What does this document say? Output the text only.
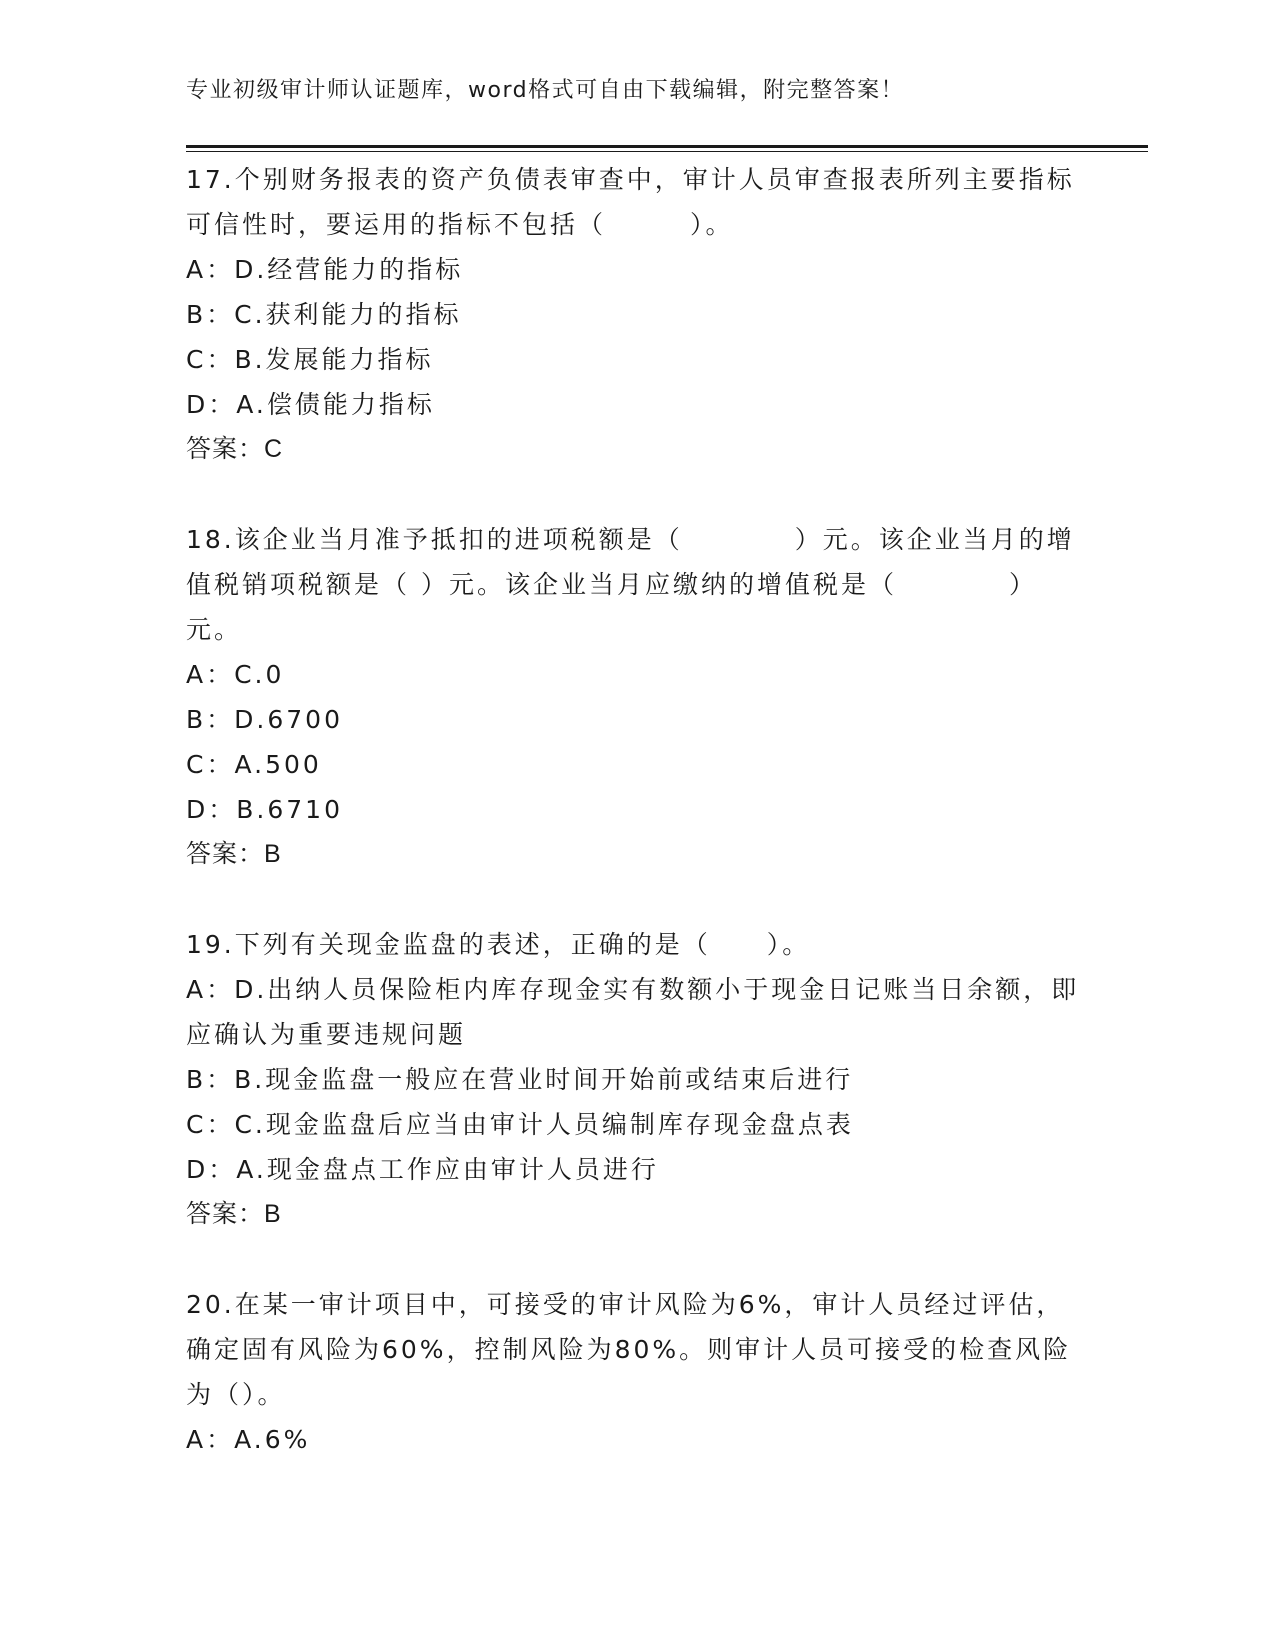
专业初级审计师认证题库，word格式可自由下载编辑，附完整答案！
17.个别财务报表的资产负债表审查中，审计人员审查报表所列主要指标可信性时，要运用的指标不包括（　　　）。
A：D.经营能力的指标
B：C.获利能力的指标
C：B.发展能力指标
D：A.偿债能力指标
答案：C
18.该企业当月准予抵扣的进项税额是（　　　　）元。该企业当月的增值税销项税额是（ ）元。该企业当月应缴纳的增值税是（　　　　）元。
A：C.0
B：D.6700
C：A.500
D：B.6710
答案：B
19.下列有关现金监盘的表述，正确的是（　　）。
A：D.出纳人员保险柜内库存现金实有数额小于现金日记账当日余额，即应确认为重要违规问题
B：B.现金监盘一般应在营业时间开始前或结束后进行
C：C.现金监盘后应当由审计人员编制库存现金盘点表
D：A.现金盘点工作应由审计人员进行
答案：B
20.在某一审计项目中，可接受的审计风险为6%，审计人员经过评估，确定固有风险为60%，控制风险为80%。则审计人员可接受的检查风险为（）。
A：A.6%
